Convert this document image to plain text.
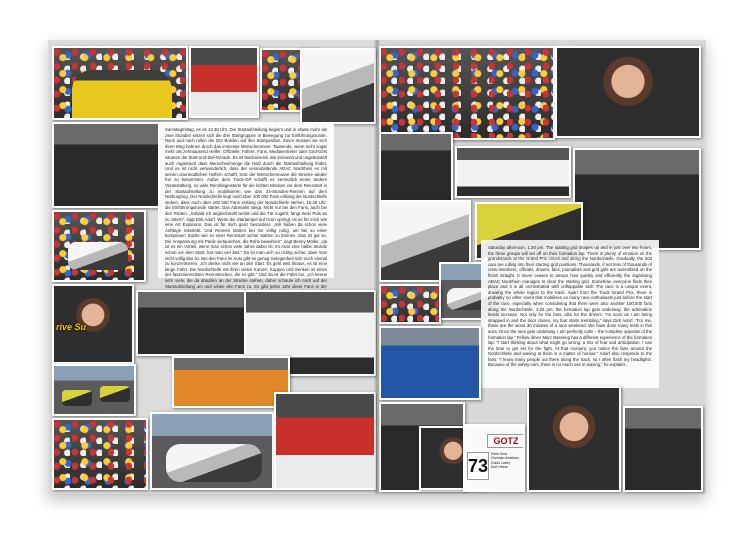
Samstagmittag, es ist 13.30 Uhr. Die Startaufstellung beginnt und in etwas mehr als zwei Stunden setzen sich die drei Startgruppen in Bewegung zur Einführungsrunde. Nach und nach rollen die 202 Boliden auf ihre Startposition. Zuvor müssen sie sich ihren Weg bahnen durch das immense Menschenmeer. Tausende, wenn nicht sogar mehr als zehntausend Helfer, Offizielle, Fahrer, Fans, Mediavertreter oder Grid-Girls säumen die Start-und-Ziel-Gerade. Es ist faszinierend, wie kreisend und ungebündelt auch organisiert dass Menschenmenge die Hatz durch die Startaufstellung findet. Und es ist nicht verwunderlich, dass der veranstaltende ADAC Nordrhein es mit seinen unermüdlichen Helfern schafft, trotz der Menschenmasse die Strecke wieder frei zu bekommen. Außer dem Truck-GP schafft es vermutlich keine andere Veranstaltung, so viele Rennbegeisterte für die letzten Minuten vor dem Rennstart in der Startaufstellung zu mobilisieren wie das 24-Stunden-Rennen auf dem Nürburgring. Der Nordschleife liegt noch über 100 000 Fans entlang der Nordschleife stehen, dass noch über 100 000 Fans entlang der Nordschleife stehen. 15.25 Uhr: die Einführungsrunde startet. Das Adrenalin steigt. Nicht nur bei den Fans, auch bei den Piloten. „Sobald ich angeschnallt werde und die Tür zugeht, fängt mein Puls an zu zittern“, sagt Dirk Adorf. Wenn die Startampel auf Grün springt, ist es für mich wie eine Art Explosion. Das ist für mich ganz besonders. „Wir haben da schon viele Anfänge miterlebt. Und Rennen starten bei mir völlig ruhig, um bei so einer komplexen Sache wie so einer Rennstart sicher starten zu können. Das ist gut so. Die Anspannung mit Panik vertauschen, die Ruhe bewahren“, sagt Benny Möller, „da ist es ein Vorteil, wenn man schon viele Jahre dabei ist. Im Auto eine halbe Stunde schon vor dem Start, hat man viel Zeit.“ Da ist man sich so richtig sicher, dass man nicht völlig klar ist. Bei den Fans im Auto gibt es genug Gelegenheit sich noch einmal zu konzentrieren. „Ich denke nicht viel an den Start. Es geht weit hinaus, es ist eine lange Fahrt. Die Nordschleife mit ihren vielen Kurven, Kuppen und Senken ist eines der faszinierendsten Rennstrecken, die es gibt.“ Und da ist die Fahrt los. „Ich kenne sehr viele, die da draußen an der Strecke stehen, daher schaute ich mich auf der Startaufstellung um und winke den Fans zu. Es gibt jedes Jahr diese Fans in der

rive Su

Saturday afternoon, 1.30 pm. The starting grid shapes up and in just over two hours, the three groups will set off on their formation lap. There is plenty of emotion on the grandstands at the Grand Prix circuit and along the Nordschleife. Gradually, the 202 cars are rolling into their starting grid positions. Thousands, if not tens of thousands of crew members, officials, drivers, fans, journalists and grid girls are assembled on the finish straight. It never ceases to amaze how quickly and efficiently the organising ADAC Nordrhein manages to clear the starting grid. Somehow, everyone finds their place and it is all orchestrated with unflappable skill. The race is a unique event, drawing the whole region to the track. Apart from the Truck Grand Prix, there is probably no other event that mobilises so many race enthusiasts just before the start of the race, especially when considering that there were also another 100,000 fans along the Nordschleife. 3.25 pm, the formation lap gets underway, the adrenaline levels increase. Not only for the fans, also for the drivers. “As soon as I am being strapped in and the door closes, my foot starts trembling,” says Dirk Adorf. “For me, these are the worst 30 minutes of a race weekend. We have done many tests in this area. Once the race gets underway, I am perfectly calm – the complete opposite of the formation lap.” Fellow driver Marc Basseng has a different experience of the formation lap: “I start thinking about what might go wrong, a mix of fear and anticipation. I use the time to get set for the fight. At that moment, you notice the fans around the Nordschleife and waving at them is a matter of honour.” Adorf also responds to the fans: “I know many people out there along the track, so I often flash my headlights. Because of the safety cars, there is no much use in waving,” he explains.

73
GOTZ
Rene Kina
Christian Ardelean
Guido Lakey
Kurt Hesse
Roland Pfeiffer
